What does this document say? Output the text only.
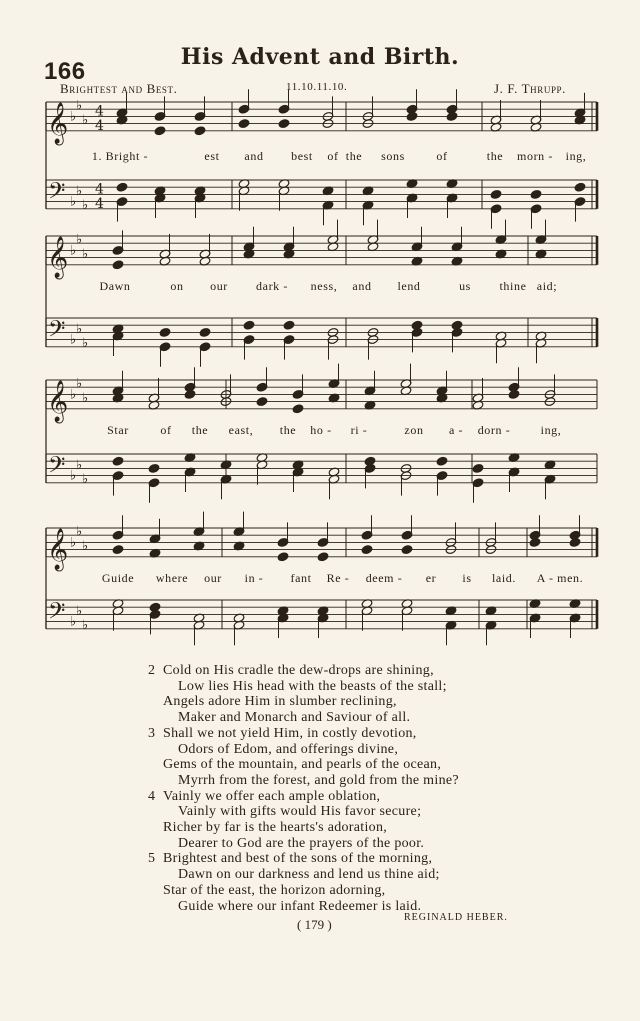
166
His Advent and Birth.
Brightest and Best.	11.10.11.10.	J. F. Thrupp.
𝄞 ♭
♭
♭
4
4
𝄢 ♭
♭
♭
4
4
𝄞 ♭
♭
♭
𝄢 ♭
♭
♭
𝄞 ♭
♭
♭
𝄢 ♭
♭
♭
𝄞 ♭
♭
♭
𝄢 ♭
♭
♭
1. Bright -	est and best of the sons	of	the morn - ing,
Dawn	on our dark - ness, and lend	us thine aid;
Star	of the east, the ho - ri -	zon a - dorn -	ing,
Guide where our in - fant Re - deem - er is laid. A - men.
Cold on His cradle the dew-drops are shining,
2
Low lies His head with the beasts of the stall;
Angels adore Him in slumber reclining,
Maker and Monarch and Saviour of all.
Shall we not yield Him, in costly devotion,
3
Odors of Edom, and offerings divine,
Gems of the mountain, and pearls of the ocean,
Myrrh from the forest, and gold from the mine?
Vainly we offer each ample oblation,
4
Vainly with gifts would His favor secure;
Richer by far is the hearts's adoration,
Dearer to God are the prayers of the poor.
Brightest and best of the sons of the morning,
5
Dawn on our darkness and lend us thine aid;
Star of the east, the horizon adorning,
Guide where our infant Redeemer is laid.
( 179 )	REGINALD HEBER.
